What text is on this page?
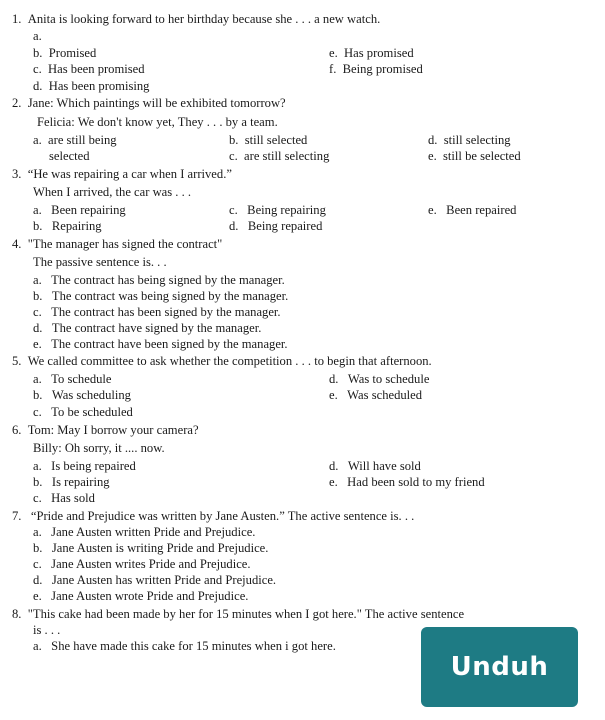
1.  Anita is looking forward to her birthday because she . . . a new watch.
a.
b.  Promised
c.  Has been promised
d.  Has been promising
e.  Has promised
f.  Being promised
2.  Jane: Which paintings will be exhibited tomorrow?
Felicia: We don't know yet, They . . . by a team.
a.  are still being
selected
b.  still selected
c.  are still selecting
d.  still selecting
e.  still be selected
3.  “He was repairing a car when I arrived.”
When I arrived, the car was . . .
a.   Been repairing
b.   Repairing
c.   Being repairing
d.   Being repaired
e.   Been repaired
4.  "The manager has signed the contract"
The passive sentence is. . .
a.   The contract has being signed by the manager.
b.   The contract was being signed by the manager.
c.   The contract has been signed by the manager.
d.   The contract have signed by the manager.
e.   The contract have been signed by the manager.
5.  We called committee to ask whether the competition . . . to begin that afternoon.
a.   To schedule
b.   Was scheduling
c.   To be scheduled
d.   Was to schedule
e.   Was scheduled
6.  Tom: May I borrow your camera?
Billy: Oh sorry, it .... now.
a.   Is being repaired
b.   Is repairing
c.   Has sold
d.   Will have sold
e.   Had been sold to my friend
7.   “Pride and Prejudice was written by Jane Austen.” The active sentence is. . .
a.   Jane Austen written Pride and Prejudice.
b.   Jane Austen is writing Pride and Prejudice.
c.   Jane Austen writes Pride and Prejudice.
d.   Jane Austen has written Pride and Prejudice.
e.   Jane Austen wrote Pride and Prejudice.
8.  "This cake had been made by her for 15 minutes when I got here." The active sentence
is . . .
a.   She have made this cake for 15 minutes when i got here.
Unduh
